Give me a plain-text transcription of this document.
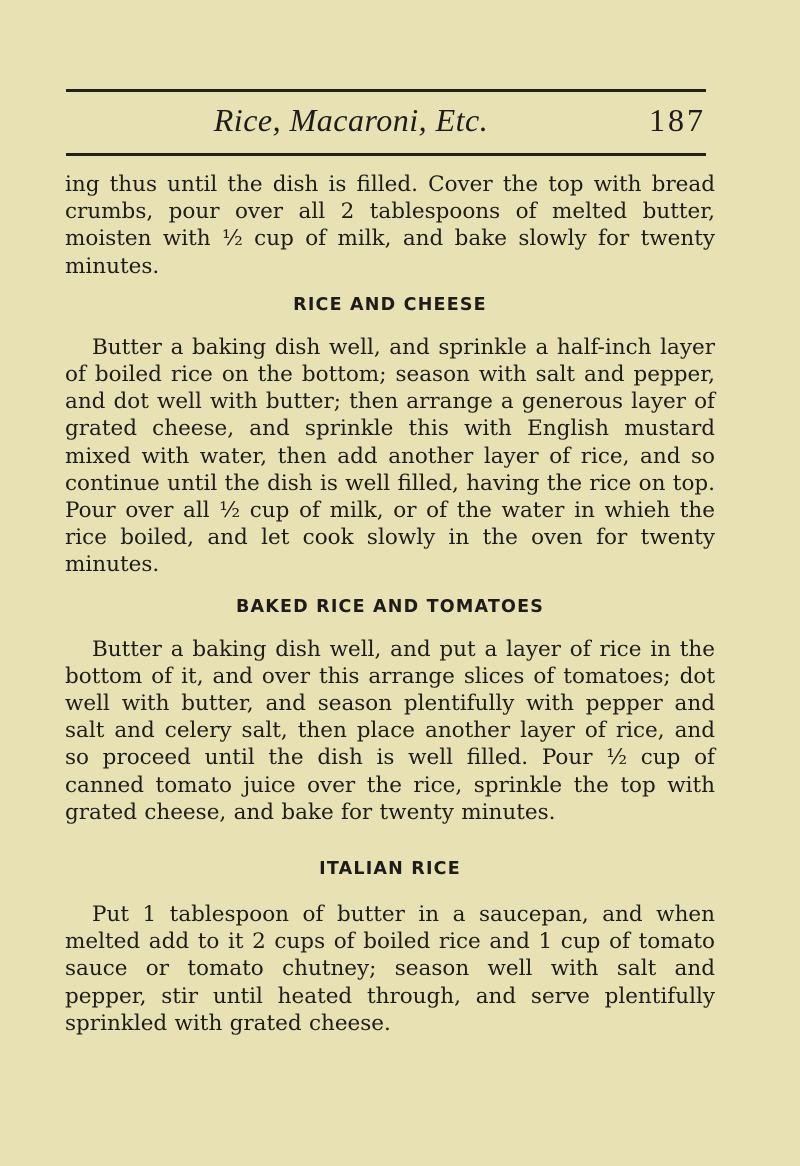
Rice, Macaroni, Etc.	187

ing thus until the dish is filled. Cover the top with bread crumbs, pour over all 2 tablespoons of melted butter, moisten with ½ cup of milk, and bake slowly for twenty minutes.

RICE AND CHEESE

Butter a baking dish well, and sprinkle a half-inch layer of boiled rice on the bottom; season with salt and pepper, and dot well with butter; then arrange a generous layer of grated cheese, and sprinkle this with English mustard mixed with water, then add another layer of rice, and so continue until the dish is well filled, having the rice on top. Pour over all ½ cup of milk, or of the water in whieh the rice boiled, and let cook slowly in the oven for twenty minutes.

BAKED RICE AND TOMATOES

Butter a baking dish well, and put a layer of rice in the bottom of it, and over this arrange slices of tomatoes; dot well with butter, and season plentifully with pepper and salt and celery salt, then place another layer of rice, and so proceed until the dish is well filled. Pour ½ cup of canned tomato juice over the rice, sprinkle the top with grated cheese, and bake for twenty minutes.

ITALIAN RICE

Put 1 tablespoon of butter in a saucepan, and when melted add to it 2 cups of boiled rice and 1 cup of tomato sauce or tomato chutney; season well with salt and pepper, stir until heated through, and serve plentifully sprinkled with grated cheese.
